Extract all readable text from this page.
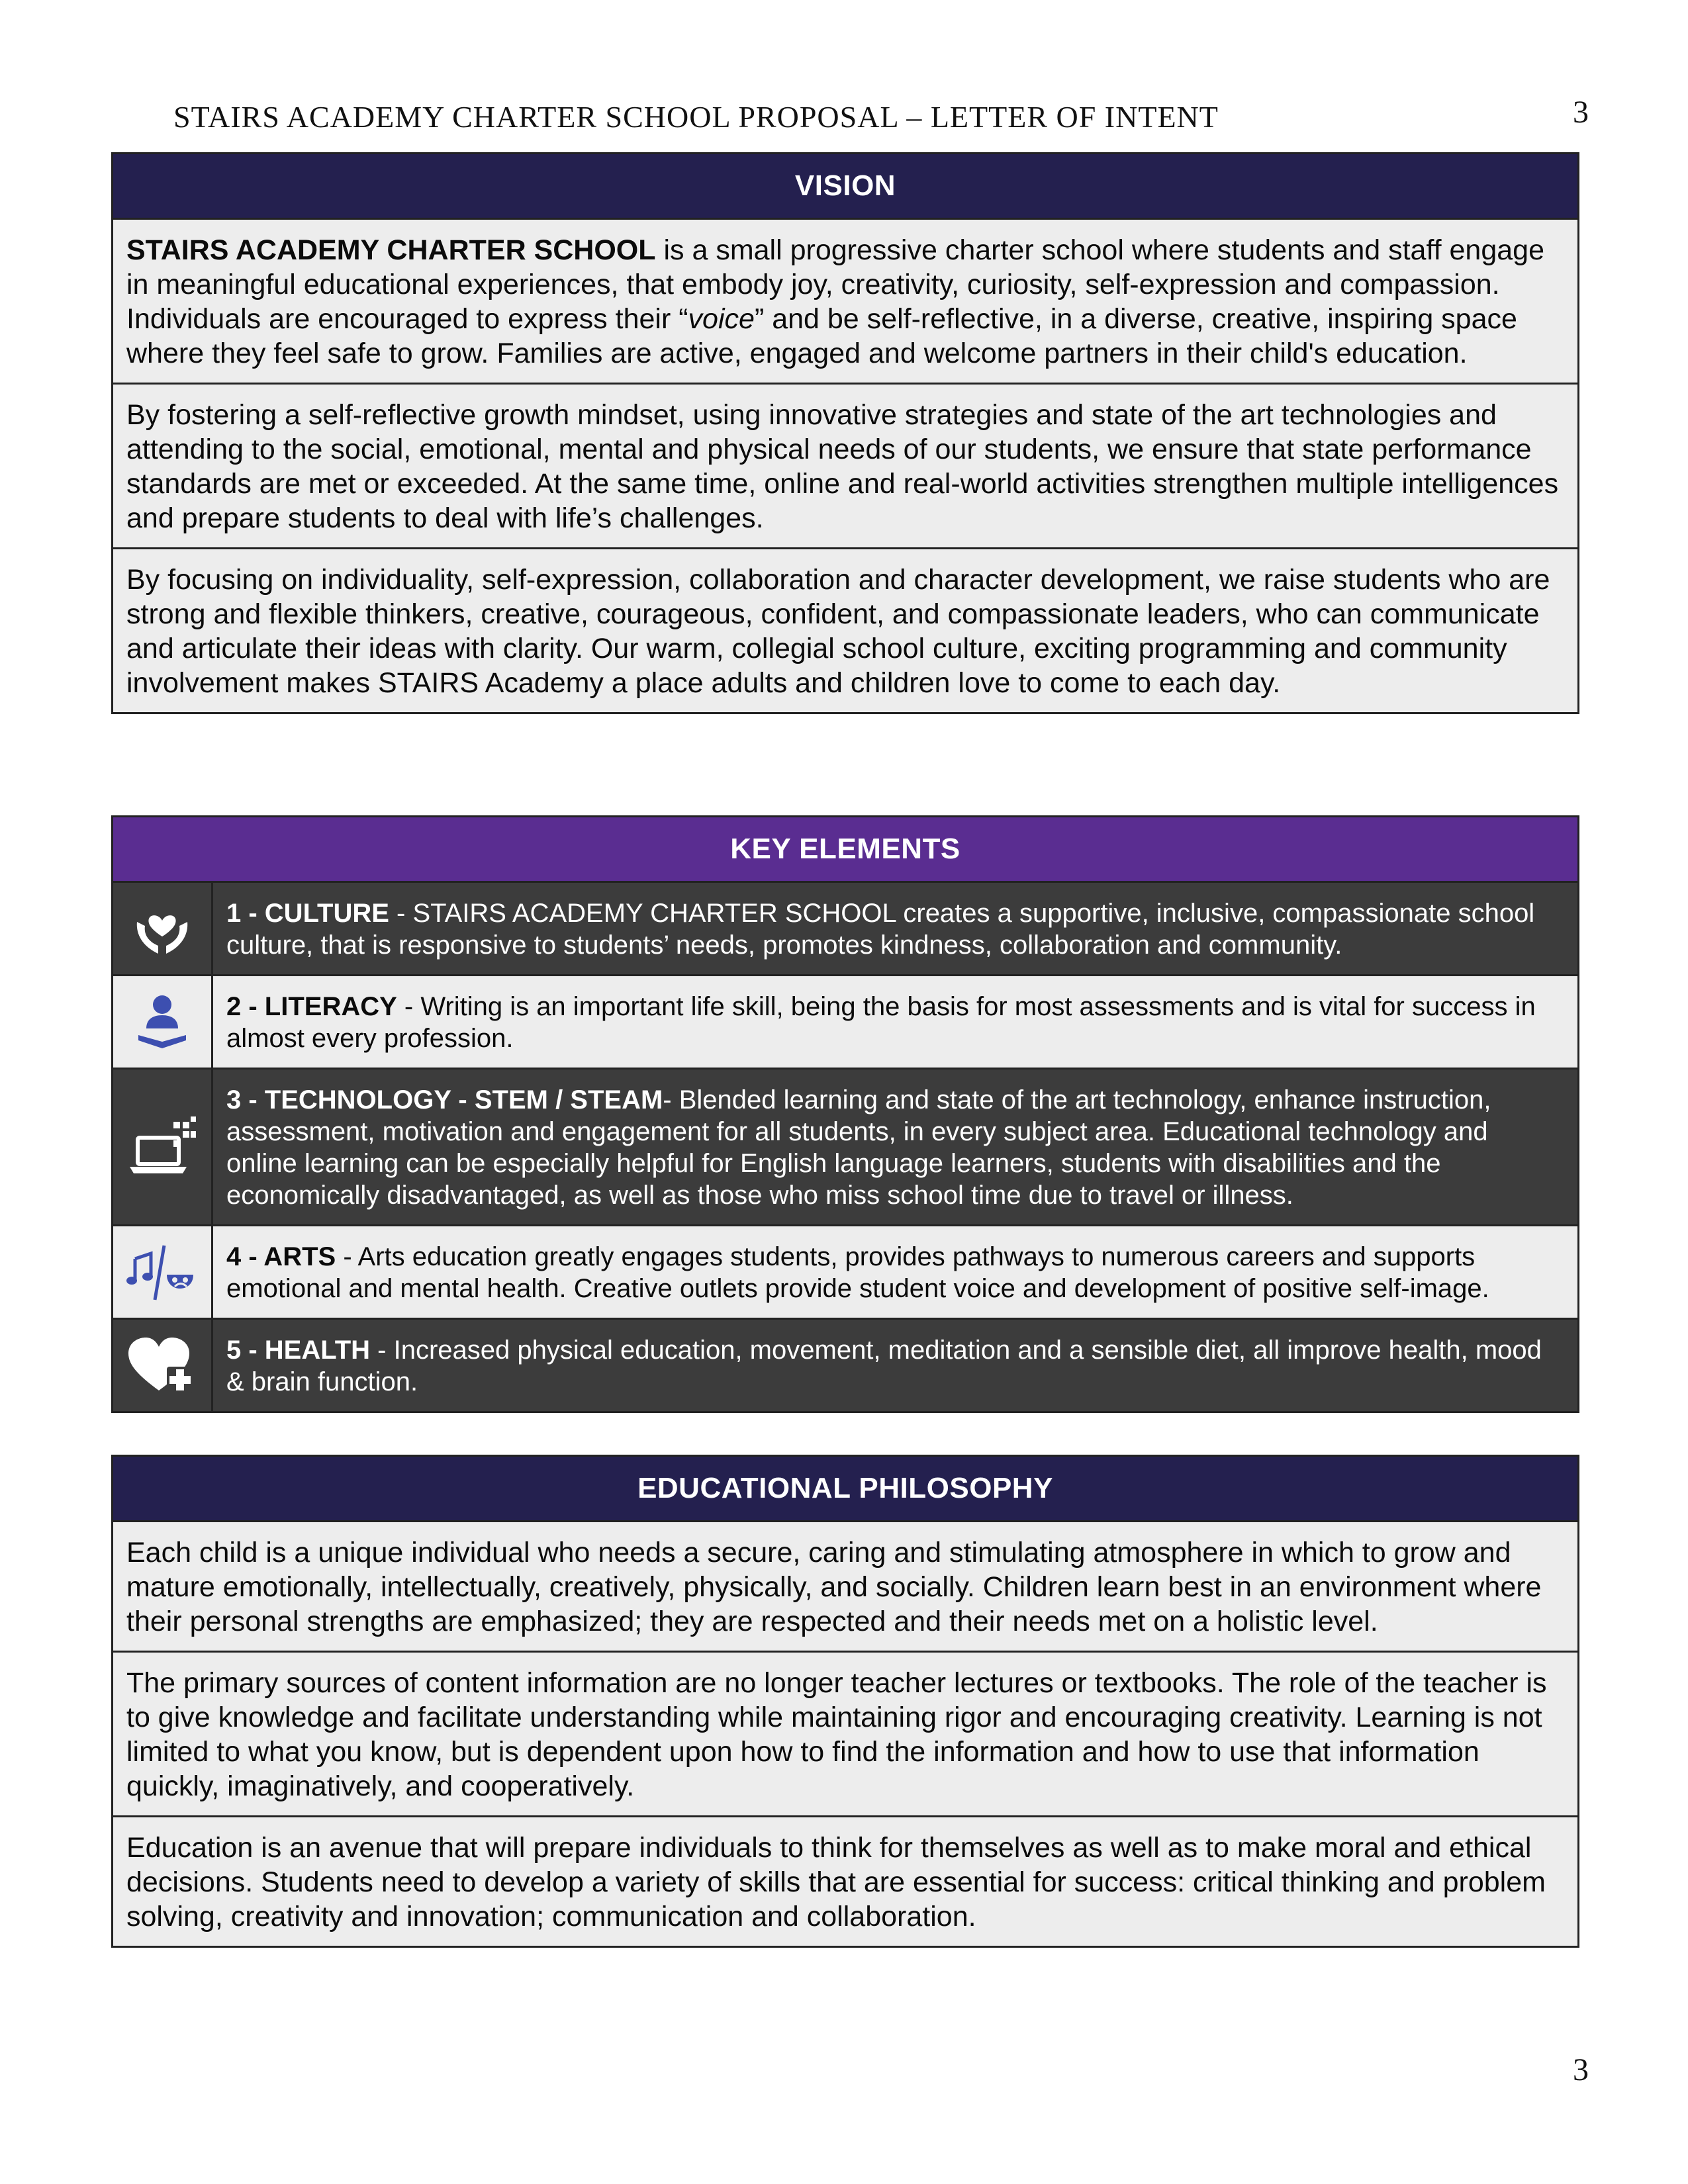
STAIRS ACADEMY CHARTER SCHOOL PROPOSAL – LETTER OF INTENT	3
VISION
STAIRS ACADEMY CHARTER SCHOOL is a small progressive charter school where students and staff engage in meaningful educational experiences, that embody joy, creativity, curiosity, self-expression and compassion. Individuals are encouraged to express their “voice” and be self-reflective, in a diverse, creative, inspiring space where they feel safe to grow. Families are active, engaged and welcome partners in their child's education.
By fostering a self-reflective growth mindset, using innovative strategies and state of the art technologies and attending to the social, emotional, mental and physical needs of our students, we ensure that state performance standards are met or exceeded. At the same time, online and real-world activities strengthen multiple intelligences and prepare students to deal with life’s challenges.
By focusing on individuality, self-expression, collaboration and character development, we raise students who are strong and flexible thinkers, creative, courageous, confident, and compassionate leaders, who can communicate and articulate their ideas with clarity. Our warm, collegial school culture, exciting programming and community involvement makes STAIRS Academy a place adults and children love to come to each day.
KEY ELEMENTS
1 - CULTURE - STAIRS ACADEMY CHARTER SCHOOL creates a supportive, inclusive, compassionate school culture, that is responsive to students’ needs, promotes kindness, collaboration and community.
2 - LITERACY - Writing is an important life skill, being the basis for most assessments and is vital for success in almost every profession.
3 - TECHNOLOGY - STEM / STEAM- Blended learning and state of the art technology, enhance instruction, assessment, motivation and engagement for all students, in every subject area. Educational technology and online learning can be especially helpful for English language learners, students with disabilities and the economically disadvantaged, as well as those who miss school time due to travel or illness.
4 - ARTS - Arts education greatly engages students, provides pathways to numerous careers and supports emotional and mental health. Creative outlets provide student voice and development of positive self-image.
5 - HEALTH - Increased physical education, movement, meditation and a sensible diet, all improve health, mood & brain function.
EDUCATIONAL PHILOSOPHY
Each child is a unique individual who needs a secure, caring and stimulating atmosphere in which to grow and mature emotionally, intellectually, creatively, physically, and socially. Children learn best in an environment where their personal strengths are emphasized; they are respected and their needs met on a holistic level.
The primary sources of content information are no longer teacher lectures or textbooks. The role of the teacher is to give knowledge and facilitate understanding while maintaining rigor and encouraging creativity. Learning is not limited to what you know, but is dependent upon how to find the information and how to use that information quickly, imaginatively, and cooperatively.
Education is an avenue that will prepare individuals to think for themselves as well as to make moral and ethical decisions. Students need to develop a variety of skills that are essential for success: critical thinking and problem solving, creativity and innovation; communication and collaboration.
3
